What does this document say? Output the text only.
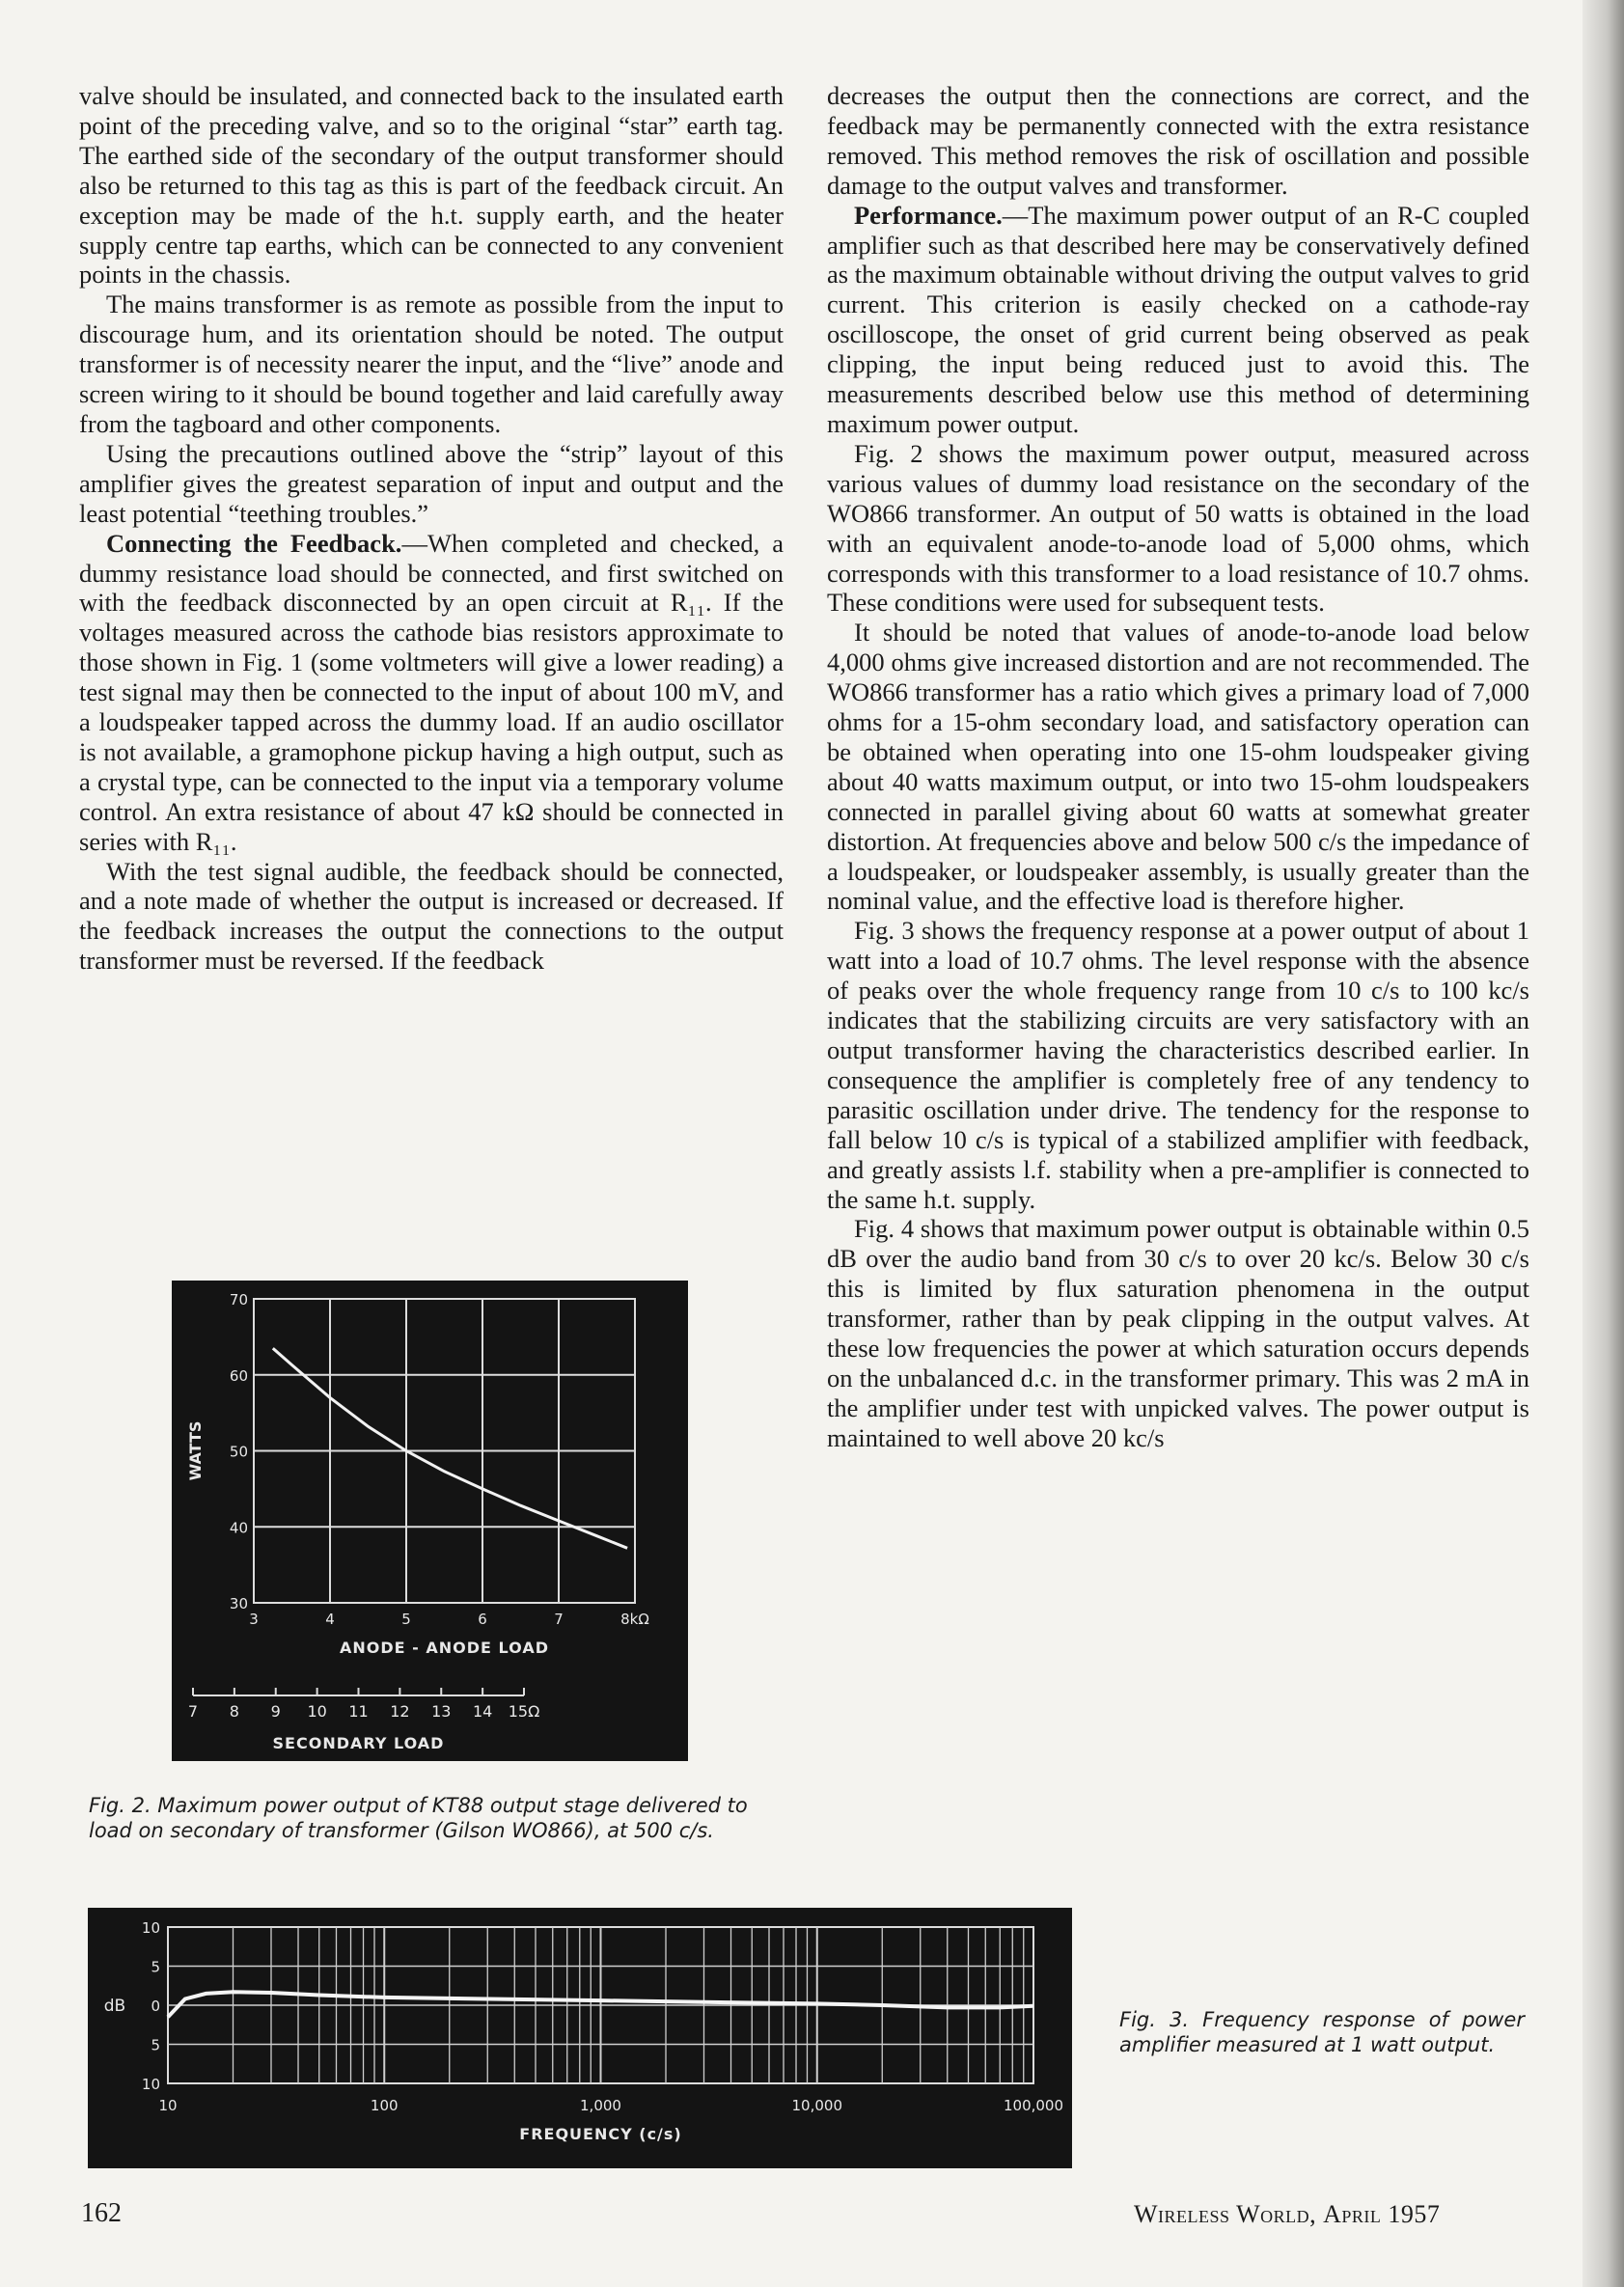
valve should be insulated, and connected back to the insulated earth point of the preceding valve, and so to the original “star” earth tag. The earthed side of the secondary of the output transformer should also be returned to this tag as this is part of the feedback circuit. An exception may be made of the h.t. supply earth, and the heater supply centre tap earths, which can be connected to any convenient points in the chassis.

The mains transformer is as remote as possible from the input to discourage hum, and its orientation should be noted. The output transformer is of necessity nearer the input, and the “live” anode and screen wiring to it should be bound together and laid carefully away from the tagboard and other components.

Using the precautions outlined above the “strip” layout of this amplifier gives the greatest separation of input and output and the least potential “teething troubles.”

Connecting the Feedback.—When completed and checked, a dummy resistance load should be connected, and first switched on with the feedback disconnected by an open circuit at R₁₁. If the voltages measured across the cathode bias resistors approximate to those shown in Fig. 1 (some voltmeters will give a lower reading) a test signal may then be connected to the input of about 100 mV, and a loudspeaker tapped across the dummy load. If an audio oscillator is not available, a gramophone pickup having a high output, such as a crystal type, can be connected to the input via a temporary volume control. An extra resistance of about 47 kΩ should be connected in series with R₁₁.

With the test signal audible, the feedback should be connected, and a note made of whether the output is increased or decreased. If the feedback increases the output the connections to the output transformer must be reversed. If the feedback

decreases the output then the connections are correct, and the feedback may be permanently connected with the extra resistance removed. This method removes the risk of oscillation and possible damage to the output valves and transformer.

Performance.—The maximum power output of an R-C coupled amplifier such as that described here may be conservatively defined as the maximum obtainable without driving the output valves to grid current. This criterion is easily checked on a cathode-ray oscilloscope, the onset of grid current being observed as peak clipping, the input being reduced just to avoid this. The measurements described below use this method of determining maximum power output.

Fig. 2 shows the maximum power output, measured across various values of dummy load resistance on the secondary of the WO866 transformer. An output of 50 watts is obtained in the load with an equivalent anode-to-anode load of 5,000 ohms, which corresponds with this transformer to a load resistance of 10.7 ohms. These conditions were used for subsequent tests.

It should be noted that values of anode-to-anode load below 4,000 ohms give increased distortion and are not recommended. The WO866 transformer has a ratio which gives a primary load of 7,000 ohms for a 15-ohm secondary load, and satisfactory operation can be obtained when operating into one 15-ohm loudspeaker giving about 40 watts maximum output, or into two 15-ohm loudspeakers connected in parallel giving about 60 watts at somewhat greater distortion. At frequencies above and below 500 c/s the impedance of a loudspeaker, or loudspeaker assembly, is usually greater than the nominal value, and the effective load is therefore higher.

Fig. 3 shows the frequency response at a power output of about 1 watt into a load of 10.7 ohms. The level response with the absence of peaks over the whole frequency range from 10 c/s to 100 kc/s indicates that the stabilizing circuits are very satisfactory with an output transformer having the characteristics described earlier. In consequence the amplifier is completely free of any tendency to parasitic oscillation under drive. The tendency for the response to fall below 10 c/s is typical of a stabilized amplifier with feedback, and greatly assists l.f. stability when a pre-amplifier is connected to the same h.t. supply.

Fig. 4 shows that maximum power output is obtainable within 0.5 dB over the audio band from 30 c/s to over 20 kc/s. Below 30 c/s this is limited by flux saturation phenomena in the output transformer, rather than by peak clipping in the output valves. At these low frequencies the power at which saturation occurs depends on the unbalanced d.c. in the transformer primary. This was 2 mA in the amplifier under test with unpicked valves. The power output is maintained to well above 20 kc/s

70
60
50
40
30
3	4	5	6	7	8kΩ
WATTS
ANODE - ANODE LOAD
7 8 9 10 11 12 13 14 15Ω
SECONDARY LOAD
Fig. 2. Maximum power output of KT88 output stage delivered to load on secondary of transformer (Gilson WO866), at 500 c/s.
10
5
0
5
10
dB
10	100	1,000	10,000	100,000
FREQUENCY (c/s)
Fig. 3. Frequency response of power amplifier measured at 1 watt output.
162	Wireless World, April 1957
